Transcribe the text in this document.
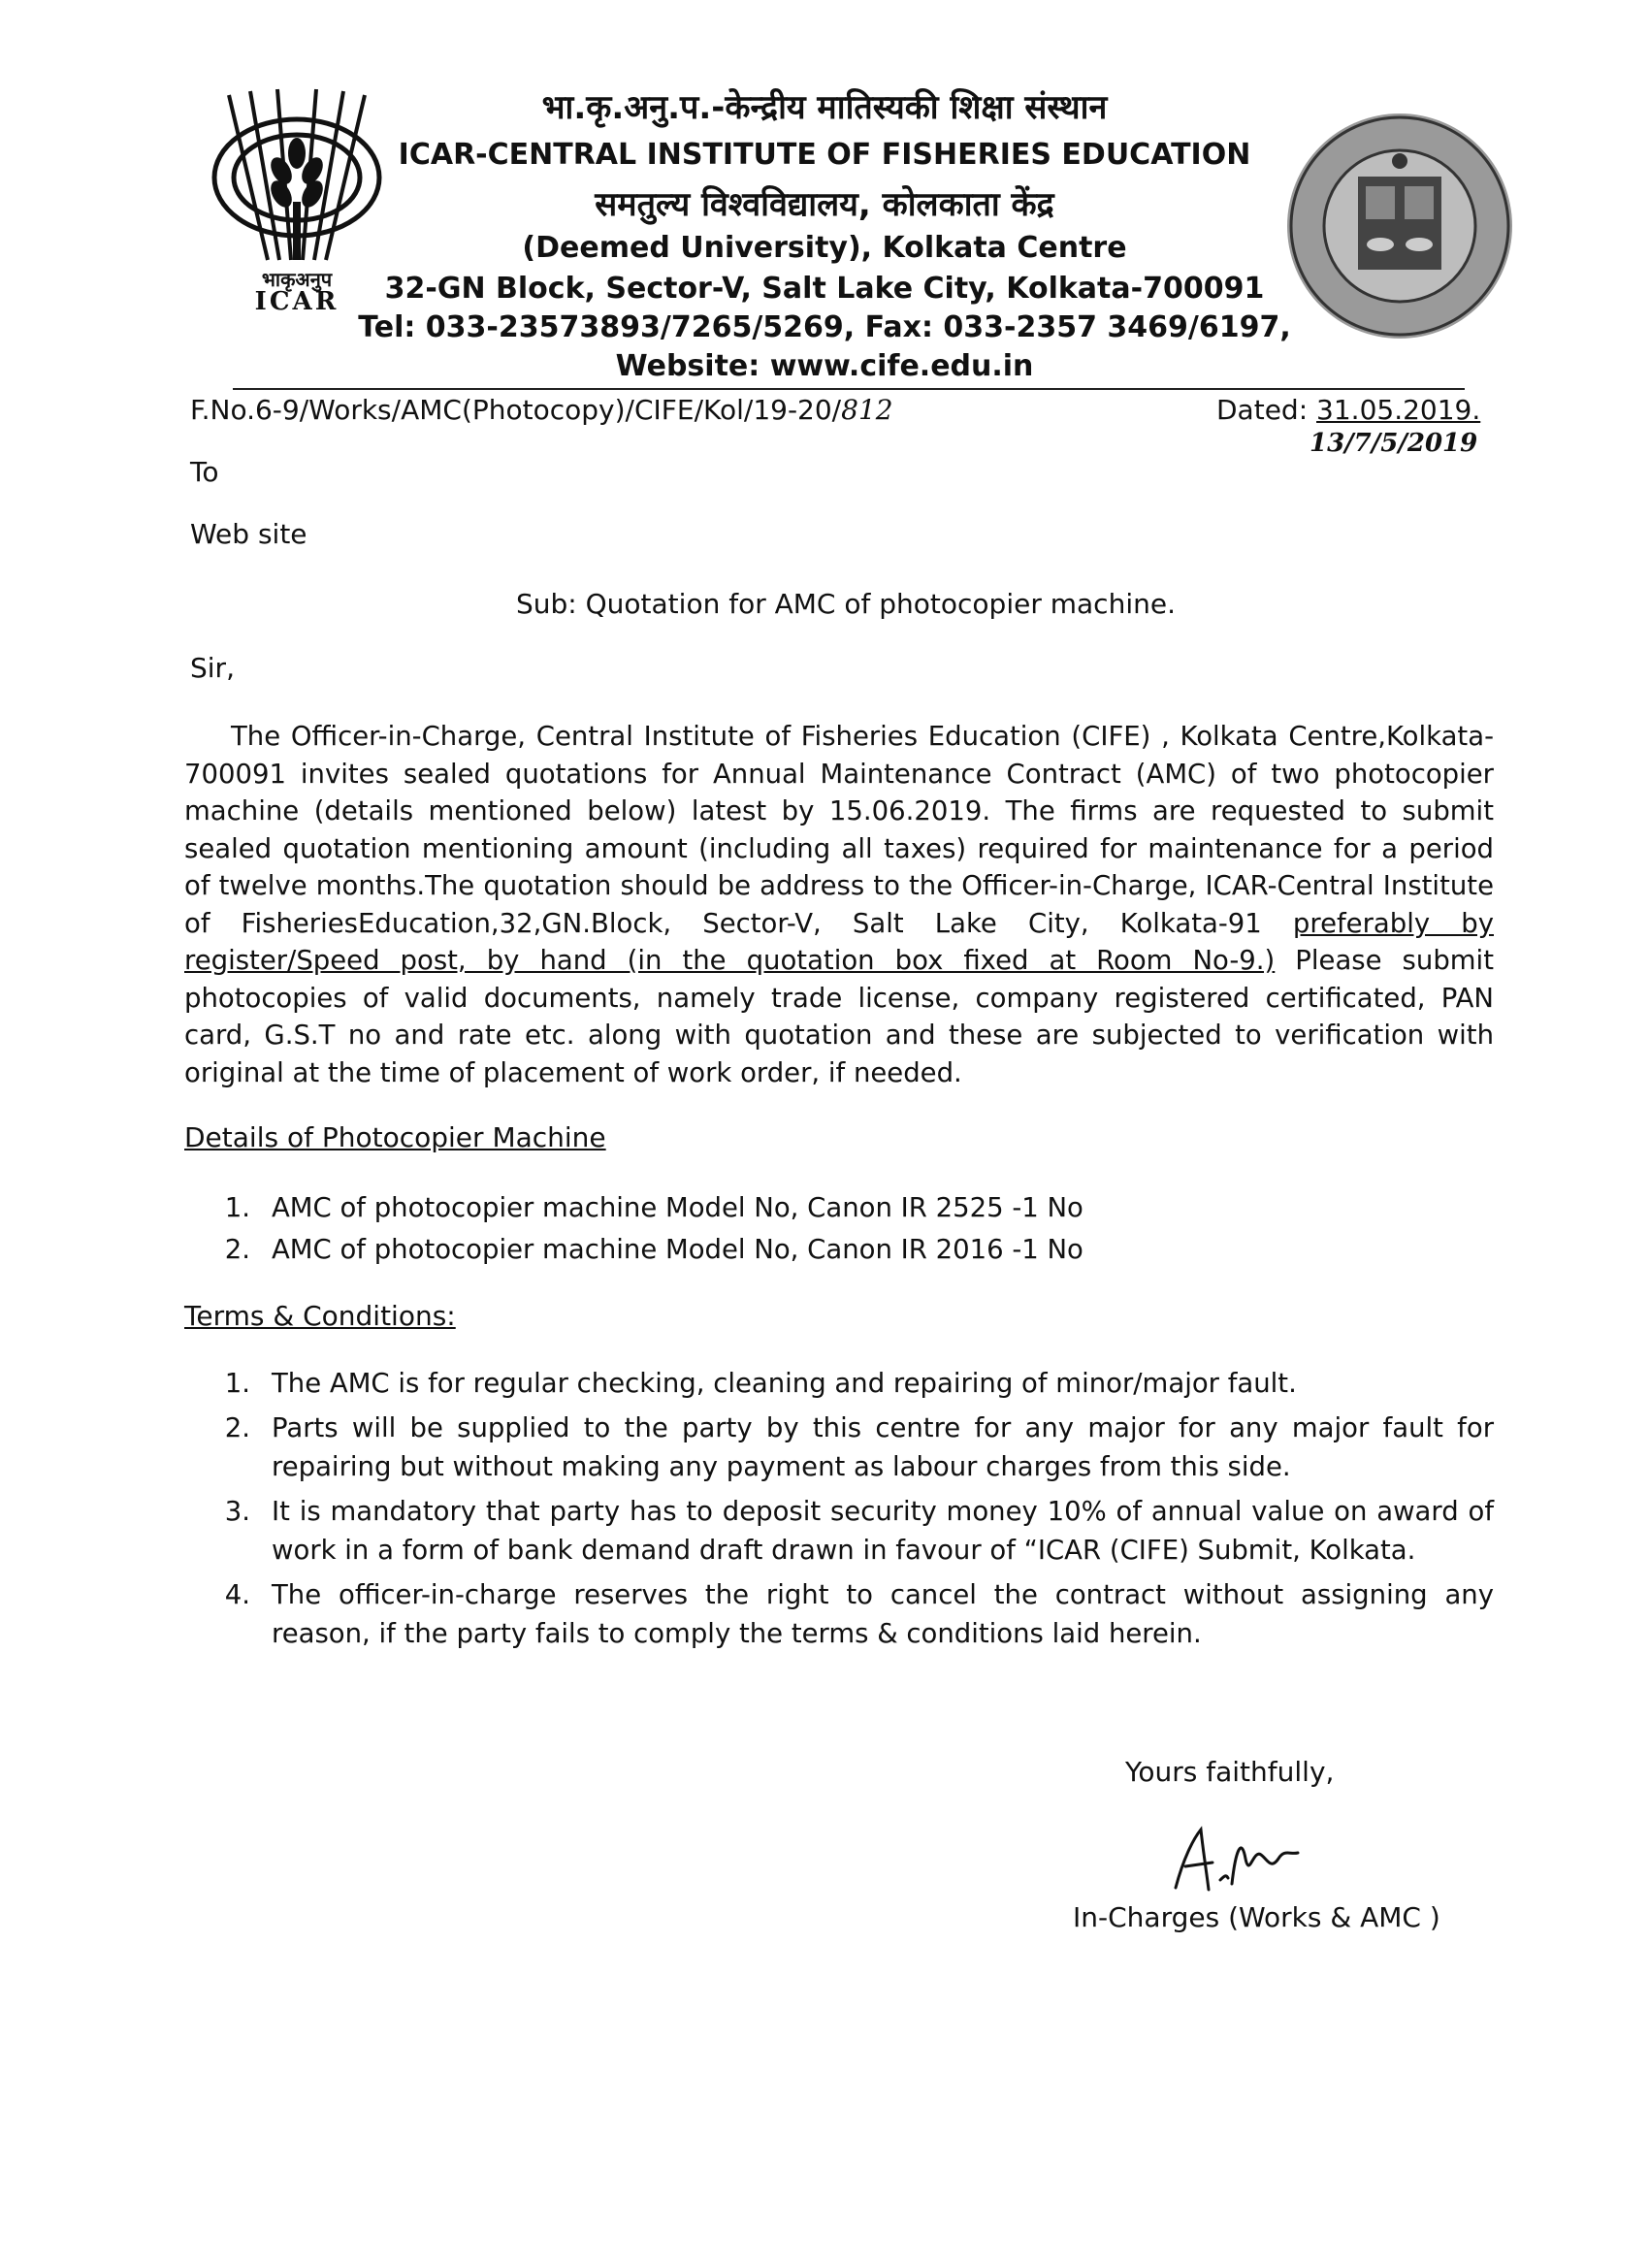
भाकृअनुप
ICAR

भा.कृ.अनु.प.-केन्द्रीय मातिस्यकी शिक्षा संस्थान

ICAR-CENTRAL INSTITUTE OF FISHERIES EDUCATION

समतुल्य विश्वविद्यालय, कोलकाता केंद्र

(Deemed University), Kolkata Centre

32-GN Block, Sector-V, Salt Lake City, Kolkata-700091

Tel: 033-23573893/7265/5269, Fax: 033-2357 3469/6197,

Website: www.cife.edu.in

F.No.6-9/Works/AMC(Photocopy)/CIFE/Kol/19-20/812	Dated: 31.05.2019.
13/7/5/2019
To
Web site
Sub: Quotation for AMC of photocopier machine.
Sir,
The Officer-in-Charge, Central Institute of Fisheries Education (CIFE) , Kolkata Centre,Kolkata-700091 invites sealed quotations for Annual Maintenance Contract (AMC) of two photocopier machine (details mentioned below) latest by 15.06.2019. The firms are requested to submit sealed quotation mentioning amount (including all taxes) required for maintenance for a period of twelve months.The quotation should be address to the Officer-in-Charge, ICAR-Central Institute of FisheriesEducation,32,GN.Block, Sector-V, Salt Lake City, Kolkata-91 preferably by register/Speed post, by hand (in the quotation box fixed at Room No-9.) Please submit photocopies of valid documents, namely trade license, company registered certificated, PAN card, G.S.T no and rate etc. along with quotation and these are subjected to verification with original at the time of placement of work order, if needed.
Details of Photocopier Machine
1. AMC of photocopier machine Model No, Canon IR 2525 -1 No
2. AMC of photocopier machine Model No, Canon IR 2016 -1 No
Terms & Conditions:
1. The AMC is for regular checking, cleaning and repairing of minor/major fault.
2. Parts will be supplied to the party by this centre for any major for any major fault for repairing but without making any payment as labour charges from this side.
3. It is mandatory that party has to deposit security money 10% of annual value on award of work in a form of bank demand draft drawn in favour of “ICAR (CIFE) Submit, Kolkata.
4. The officer-in-charge reserves the right to cancel the contract without assigning any reason, if the party fails to comply the terms & conditions laid herein.
Yours faithfully,
In-Charges (Works & AMC )
